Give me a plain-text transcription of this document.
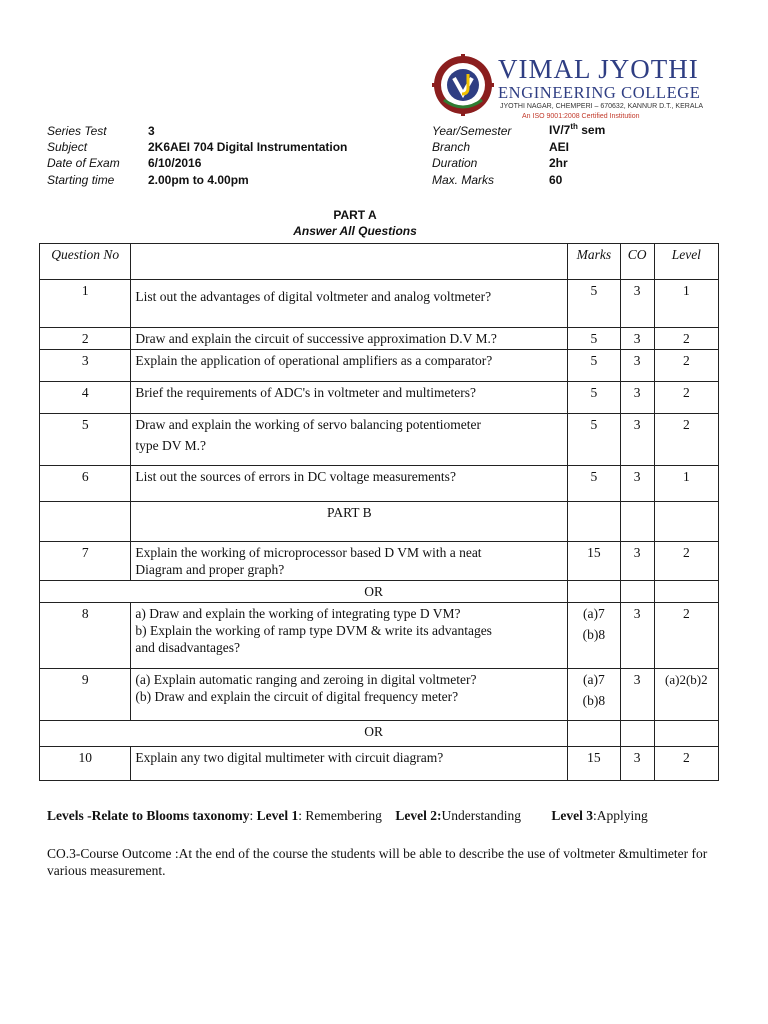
VIMAL JYOTHI
ENGINEERING COLLEGE
JYOTHI NAGAR, CHEMPERI – 670632, KANNUR D.T., KERALA
An ISO 9001:2008 Certified Institution
Series Test	3
Subject	2K6AEI 704 Digital Instrumentation
Date of Exam 6/10/2016
Starting time	2.00pm to 4.00pm
Year/Semester	IV/7th sem
Branch	AEI
Duration	2hr
Max. Marks	60
PART A
Answer All Questions
Question No		Marks	CO	Level
1	List out the advantages of digital voltmeter and analog voltmeter?	5	3	1
2	Draw and explain the circuit of successive approximation D.V M.?	5	3	2
3	Explain the application of operational amplifiers as a comparator?	5	3	2
4	Brief the requirements of ADC's in voltmeter and multimeters?	5	3	2
5	Draw and explain the working of servo balancing potentiometer
type DV M.?	5	3	2
6	List out the sources of errors in DC voltage measurements?	5	3	1
	PART B			
7	Explain the working of microprocessor based D VM with a neat
Diagram and proper graph?	15	3	2
OR				
8	a) Draw and explain the working of integrating type D VM?
b) Explain the working of ramp type DVM & write its advantages
and disadvantages?	(a)7
(b)8	3	2
9	(a) Explain automatic ranging and zeroing in digital voltmeter?
(b) Draw and explain the circuit of digital frequency meter?	(a)7
(b)8	3	(a)2(b)2
OR				
10	Explain any two digital multimeter with circuit diagram?	15	3	2
Levels -Relate to Blooms taxonomy: Level 1: Remembering Level 2:Understanding Level 3:Applying
CO.3-Course Outcome :At the end of the course the students will be able to describe the use of voltmeter &multimeter for various measurement.
